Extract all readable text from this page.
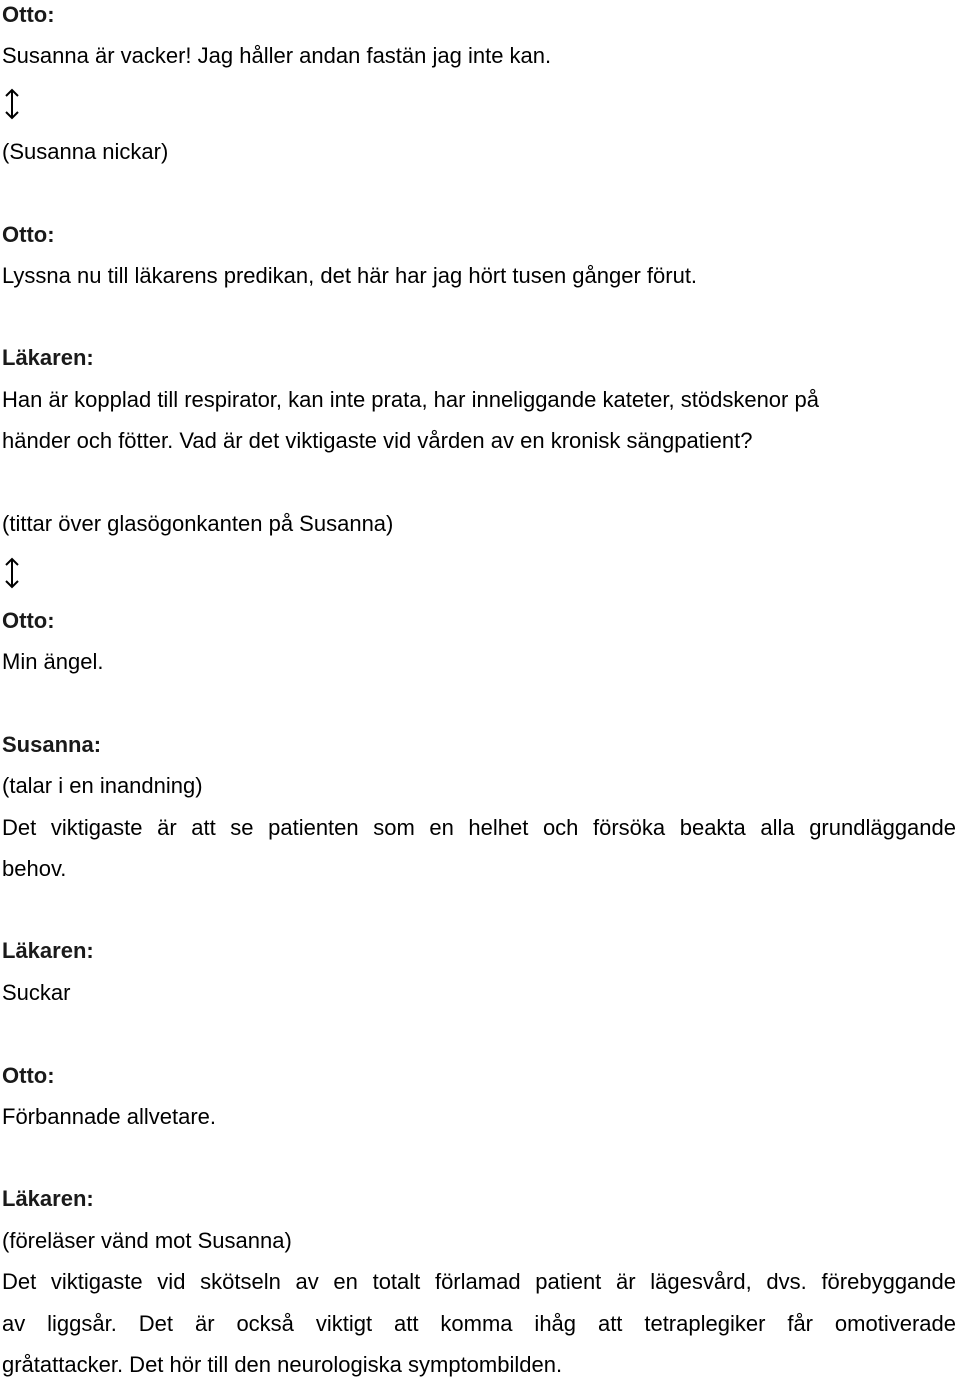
Otto:
Susanna är vacker! Jag håller andan fastän jag inte kan.
(Susanna nickar)
Otto:
Lyssna nu till läkarens predikan, det här har jag hört tusen gånger förut.
Läkaren:
Han är kopplad till respirator, kan inte prata, har inneliggande kateter, stödskenor på
händer och fötter. Vad är det viktigaste vid vården av en kronisk sängpatient?
(tittar över glasögonkanten på Susanna)
Otto:
Min ängel.
Susanna:
(talar i en inandning)
Det viktigaste är att se patienten som en helhet och försöka beakta alla grundläggande
behov.
Läkaren:
Suckar
Otto:
Förbannade allvetare.
Läkaren:
(föreläser vänd mot Susanna)
Det viktigaste vid skötseln av en totalt förlamad patient är lägesvård, dvs. förebyggande
av liggsår. Det är också viktigt att komma ihåg att tetraplegiker får omotiverade
gråtattacker. Det hör till den neurologiska symptombilden.
